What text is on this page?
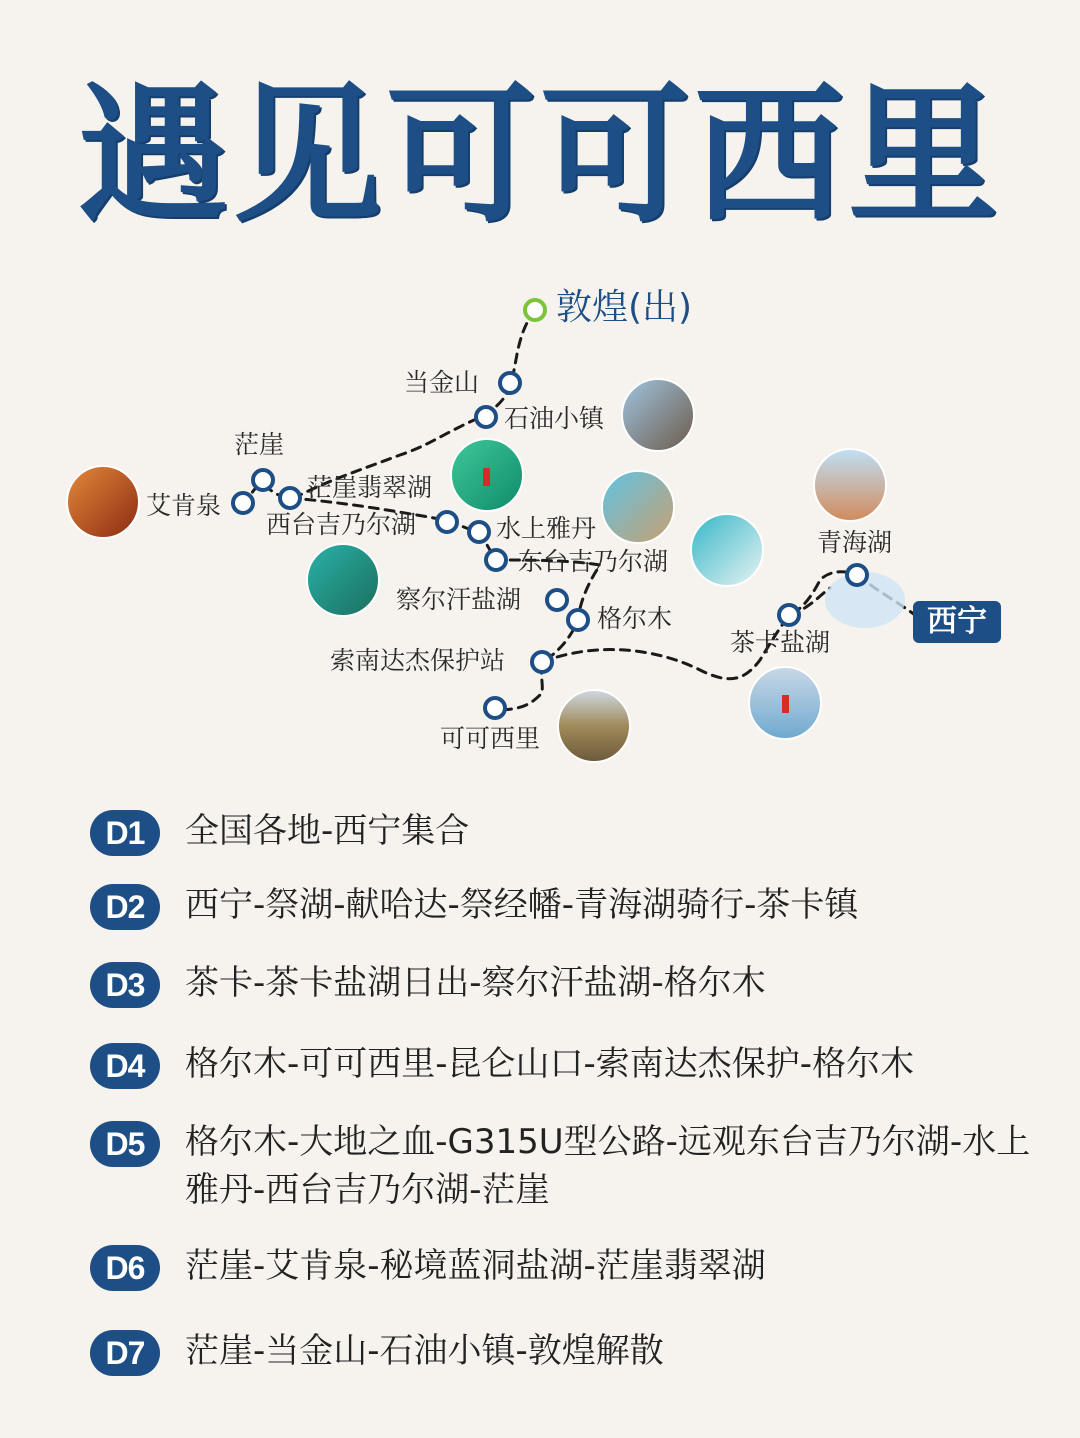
遇见可可西里
敦煌(出)
当金山
石油小镇
茫崖
茫崖翡翠湖
艾肯泉
西台吉乃尔湖	水上雅丹
东台吉乃尔湖
察尔汗盐湖
格尔木
索南达杰保护站
可可西里
青海湖
茶卡盐湖
西宁
D1	全国各地-西宁集合
D2	西宁-祭湖-献哈达-祭经幡-青海湖骑行-茶卡镇
D3	茶卡-茶卡盐湖日出-察尔汗盐湖-格尔木
D4	格尔木-可可西里-昆仑山口-索南达杰保护-格尔木
D5	格尔木-大地之血-G315U型公路-远观东台吉乃尔湖-水上雅丹-西台吉乃尔湖-茫崖
D6	茫崖-艾肯泉-秘境蓝洞盐湖-茫崖翡翠湖
D7	茫崖-当金山-石油小镇-敦煌解散
